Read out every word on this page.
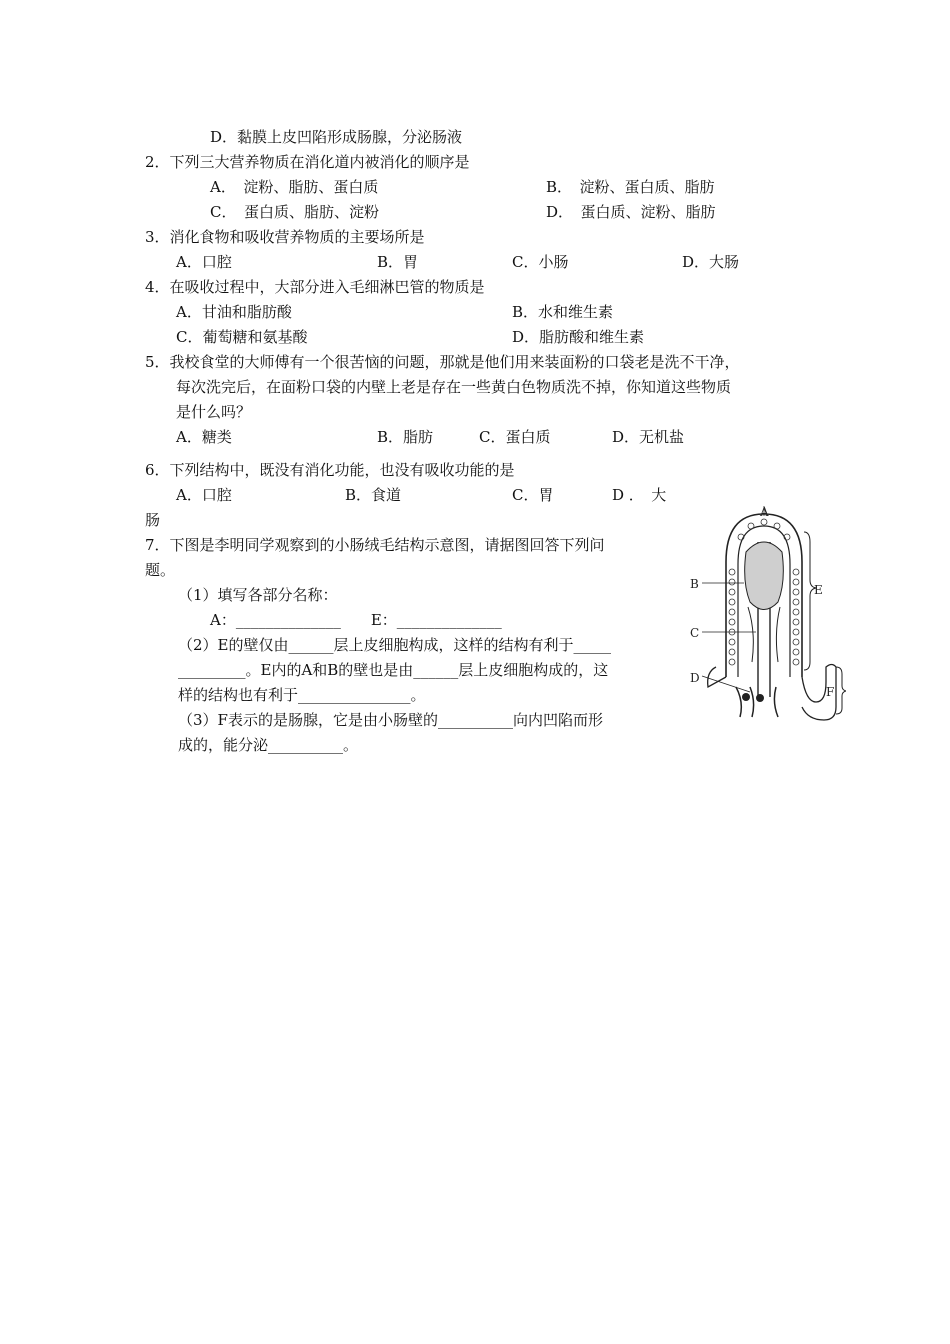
D．黏膜上皮凹陷形成肠腺，分泌肠液
2．下列三大营养物质在消化道内被消化的顺序是
A．　淀粉、脂肪、蛋白质	B．　淀粉、蛋白质、脂肪
C．　蛋白质、脂肪、淀粉	D．　蛋白质、淀粉、脂肪
3．消化食物和吸收营养物质的主要场所是
A．口腔	B．胃	C．小肠	D．大肠
4．在吸收过程中，大部分进入毛细淋巴管的物质是
A．甘油和脂肪酸	B．水和维生素
C．葡萄糖和氨基酸	D．脂肪酸和维生素
5．我校食堂的大师傅有一个很苦恼的问题，那就是他们用来装面粉的口袋老是洗不干净，
每次洗完后，在面粉口袋的内壁上老是存在一些黄白色物质洗不掉，你知道这些物质
是什么吗？
A．糖类	B．脂肪	C．蛋白质	D．无机盐
6．下列结构中，既没有消化功能，也没有吸收功能的是
A．口腔	B．食道	C．胃	D ．　大
肠
7．下图是李明同学观察到的小肠绒毛结构示意图，请据图回答下列问
题。
（1）填写各部分名称：
A：______________　　E：______________
（2）E的壁仅由______层上皮细胞构成，这样的结构有利于_____
_________。E内的A和B的壁也是由______层上皮细胞构成的，这
样的结构也有利于_______________。
（3）F表示的是肠腺，它是由小肠壁的__________向内凹陷而形
成的，能分泌__________。
A
B
C
D
E
F
